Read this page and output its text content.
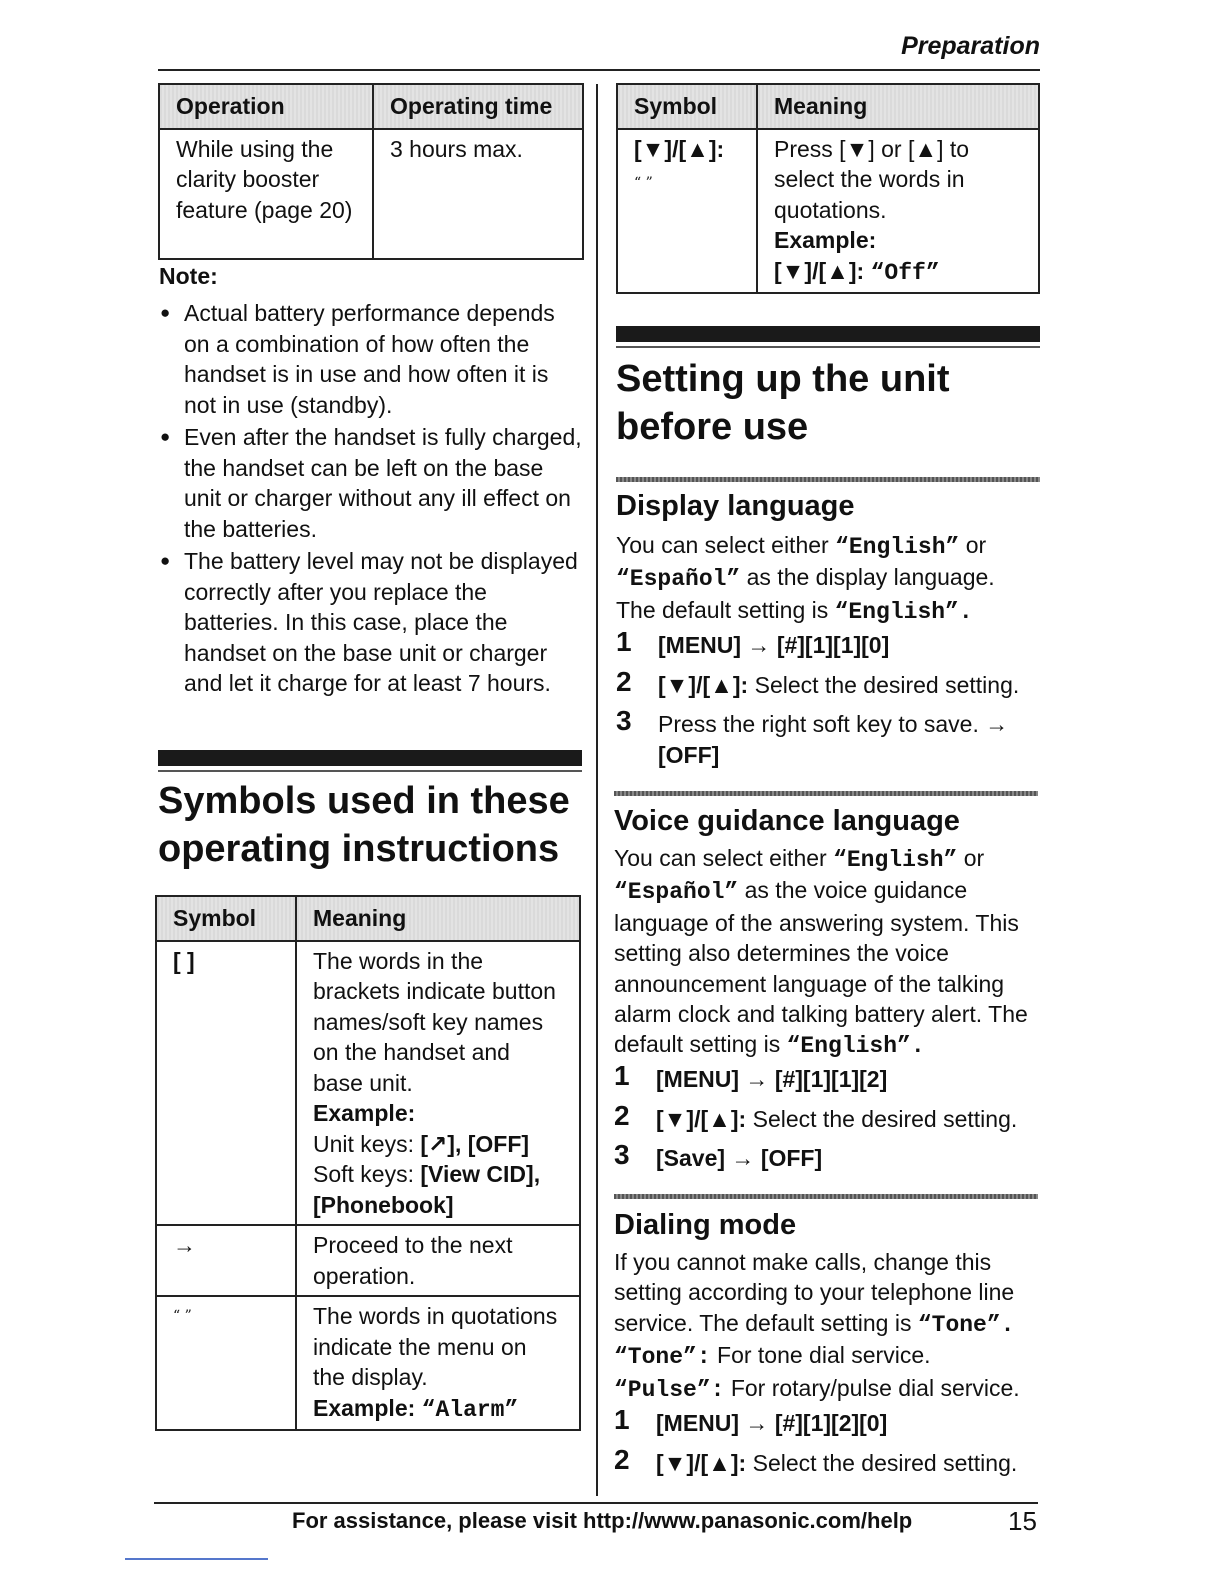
Preparation
Operation	Operating time
While using the clarity booster feature (page 20)	3 hours max.
Note:
● Actual battery performance depends on a combination of how often the handset is in use and how often it is not in use (standby).
● Even after the handset is fully charged, the handset can be left on the base unit or charger without any ill effect on the batteries.
● The battery level may not be displayed correctly after you replace the batteries. In this case, place the handset on the base unit or charger and let it charge for at least 7 hours.
Symbols used in these operating instructions
Symbol	Meaning
[ ]	The words in the brackets indicate button names/soft key names on the handset and base unit.
Example:
Unit keys: [↗], [OFF]
Soft keys: [View CID], [Phonebook]
→	Proceed to the next operation.
“ ”	The words in quotations indicate the menu on the display.
Example: “Alarm”
Symbol	Meaning
[▼]/[▲]:
“ ”	Press [▼] or [▲] to select the words in quotations.
Example:
[▼]/[▲]: “Off”
Setting up the unit before use
Display language

You can select either “English” or
“Español” as the display language.
The default setting is “English”.

1 [MENU] → [#][1][1][0]
2 [▼]/[▲]: Select the desired setting.
3 Press the right soft key to save. →
[OFF]
Voice guidance language

You can select either “English” or
“Español” as the voice guidance language of the answering system. This setting also determines the voice announcement language of the talking alarm clock and talking battery alert. The default setting is “English”.

1 [MENU] → [#][1][1][2]
2 [▼]/[▲]: Select the desired setting.
3 [Save] → [OFF]
Dialing mode

If you cannot make calls, change this setting according to your telephone line service. The default setting is “Tone”.
“Tone”: For tone dial service.
“Pulse”: For rotary/pulse dial service.

1 [MENU] → [#][1][2][0]
2 [▼]/[▲]: Select the desired setting.
For assistance, please visit http://www.panasonic.com/help	15
